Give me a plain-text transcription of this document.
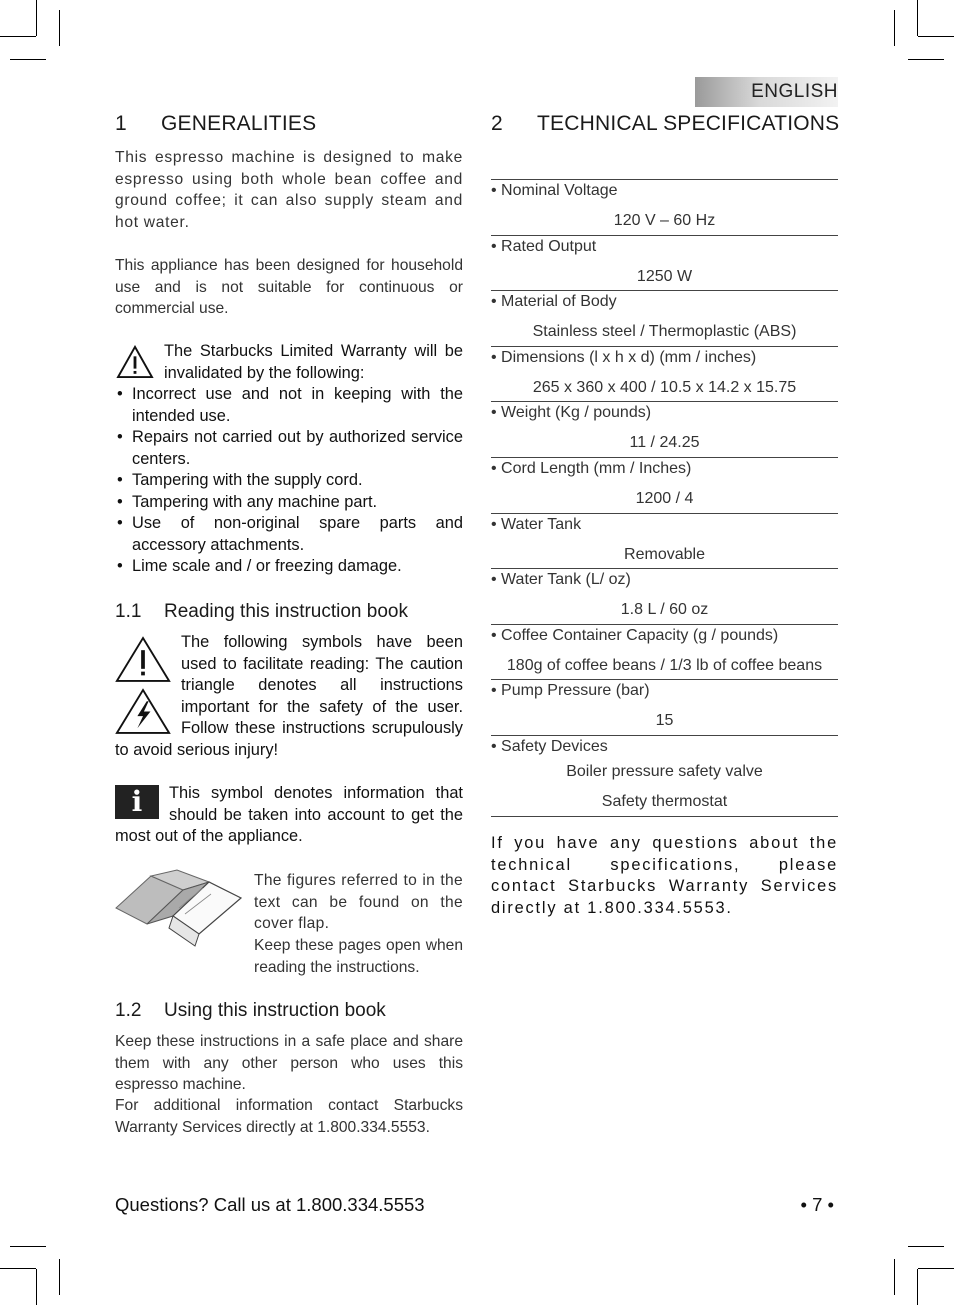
ENGLISH
1 GENERALITIES
This espresso machine is designed to make espresso using both whole bean coffee and ground coffee; it can also supply steam and hot water.
This appliance has been designed for household use and is not suitable for continuous or commercial use.
The Starbucks Limited Warranty will be invalidated by the following:
• Incorrect use and not in keeping with the intended use.
• Repairs not carried out by authorized service centers.
• Tampering with the supply cord.
• Tampering with any machine part.
• Use of non-original spare parts and accessory attachments.
• Lime scale and / or freezing damage.
1.1 Reading this instruction book
The following symbols have been used to facilitate reading: The caution triangle denotes all instructions important for the safety of the user. Follow these instructions scrupulously to avoid serious injury!
i	This symbol denotes information that should be taken into account to get the most out of the appliance.
The figures referred to in the text can be found on the cover flap.
Keep these pages open when reading the instructions.
1.2 Using this instruction book
Keep these instructions in a safe place and share them with any other person who uses this espresso machine.
For additional information contact Starbucks Warranty Services directly at 1.800.334.5553.
2 TECHNICAL SPECIFICATIONS
• Nominal Voltage
120 V – 60 Hz
• Rated Output
1250 W
• Material of Body
Stainless steel / Thermoplastic (ABS)
• Dimensions (l x h x d) (mm / inches)
265 x 360 x 400 / 10.5 x 14.2 x 15.75
• Weight (Kg / pounds)
11 / 24.25
• Cord Length (mm / Inches)
1200 / 4
• Water Tank
Removable
• Water Tank (L/ oz)
1.8 L / 60 oz
• Coffee Container Capacity (g / pounds)
180g of coffee beans / 1/3 lb of coffee beans
• Pump Pressure (bar)
15
• Safety Devices
Boiler pressure safety valve
Safety thermostat
If you have any questions about the technical specifications, please contact Starbucks Warranty Services directly at 1.800.334.5553.
Questions? Call us at 1.800.334.5553	• 7 •
